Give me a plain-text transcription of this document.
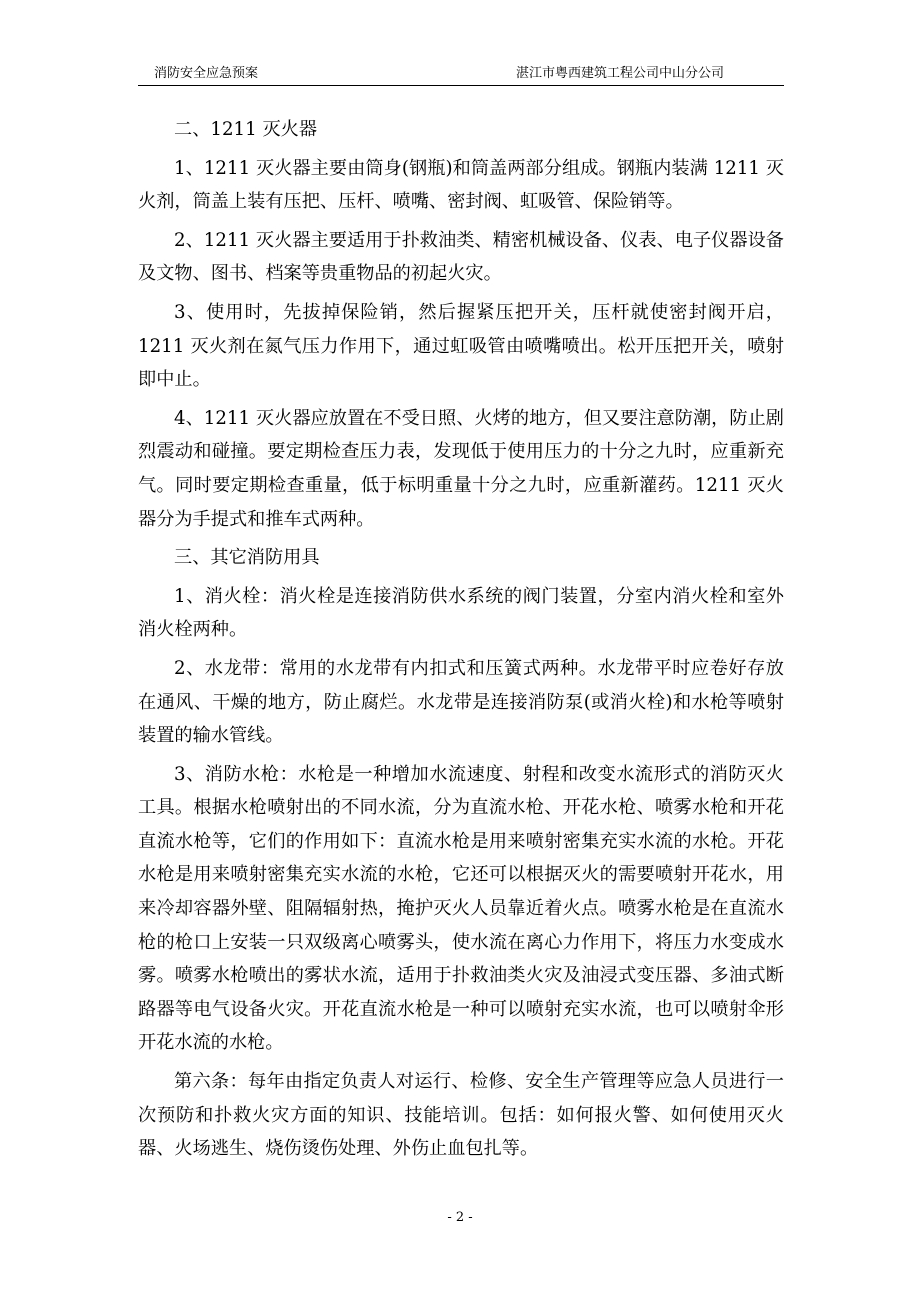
消防安全应急预案	湛江市粤西建筑工程公司中山分公司

二、1211 灭火器

1、1211 灭火器主要由筒身(钢瓶)和筒盖两部分组成。钢瓶内装满 1211 灭火剂，筒盖上装有压把、压杆、喷嘴、密封阀、虹吸管、保险销等。

2、1211 灭火器主要适用于扑救油类、精密机械设备、仪表、电子仪器设备及文物、图书、档案等贵重物品的初起火灾。

3、使用时，先拔掉保险销，然后握紧压把开关，压杆就使密封阀开启，1211 灭火剂在氮气压力作用下，通过虹吸管由喷嘴喷出。松开压把开关，喷射即中止。

4、1211 灭火器应放置在不受日照、火烤的地方，但又要注意防潮，防止剧烈震动和碰撞。要定期检查压力表，发现低于使用压力的十分之九时，应重新充气。同时要定期检查重量，低于标明重量十分之九时，应重新灌药。1211 灭火器分为手提式和推车式两种。

三、其它消防用具

1、消火栓：消火栓是连接消防供水系统的阀门装置，分室内消火栓和室外消火栓两种。

2、水龙带：常用的水龙带有内扣式和压簧式两种。水龙带平时应卷好存放在通风、干燥的地方，防止腐烂。水龙带是连接消防泵(或消火栓)和水枪等喷射装置的输水管线。

3、消防水枪：水枪是一种增加水流速度、射程和改变水流形式的消防灭火工具。根据水枪喷射出的不同水流，分为直流水枪、开花水枪、喷雾水枪和开花直流水枪等，它们的作用如下：直流水枪是用来喷射密集充实水流的水枪。开花水枪是用来喷射密集充实水流的水枪，它还可以根据灭火的需要喷射开花水，用来冷却容器外壁、阻隔辐射热，掩护灭火人员靠近着火点。喷雾水枪是在直流水枪的枪口上安装一只双级离心喷雾头，使水流在离心力作用下，将压力水变成水雾。喷雾水枪喷出的雾状水流，适用于扑救油类火灾及油浸式变压器、多油式断路器等电气设备火灾。开花直流水枪是一种可以喷射充实水流，也可以喷射伞形开花水流的水枪。

第六条：每年由指定负责人对运行、检修、安全生产管理等应急人员进行一次预防和扑救火灾方面的知识、技能培训。包括：如何报火警、如何使用灭火器、火场逃生、烧伤烫伤处理、外伤止血包扎等。

- 2 -
